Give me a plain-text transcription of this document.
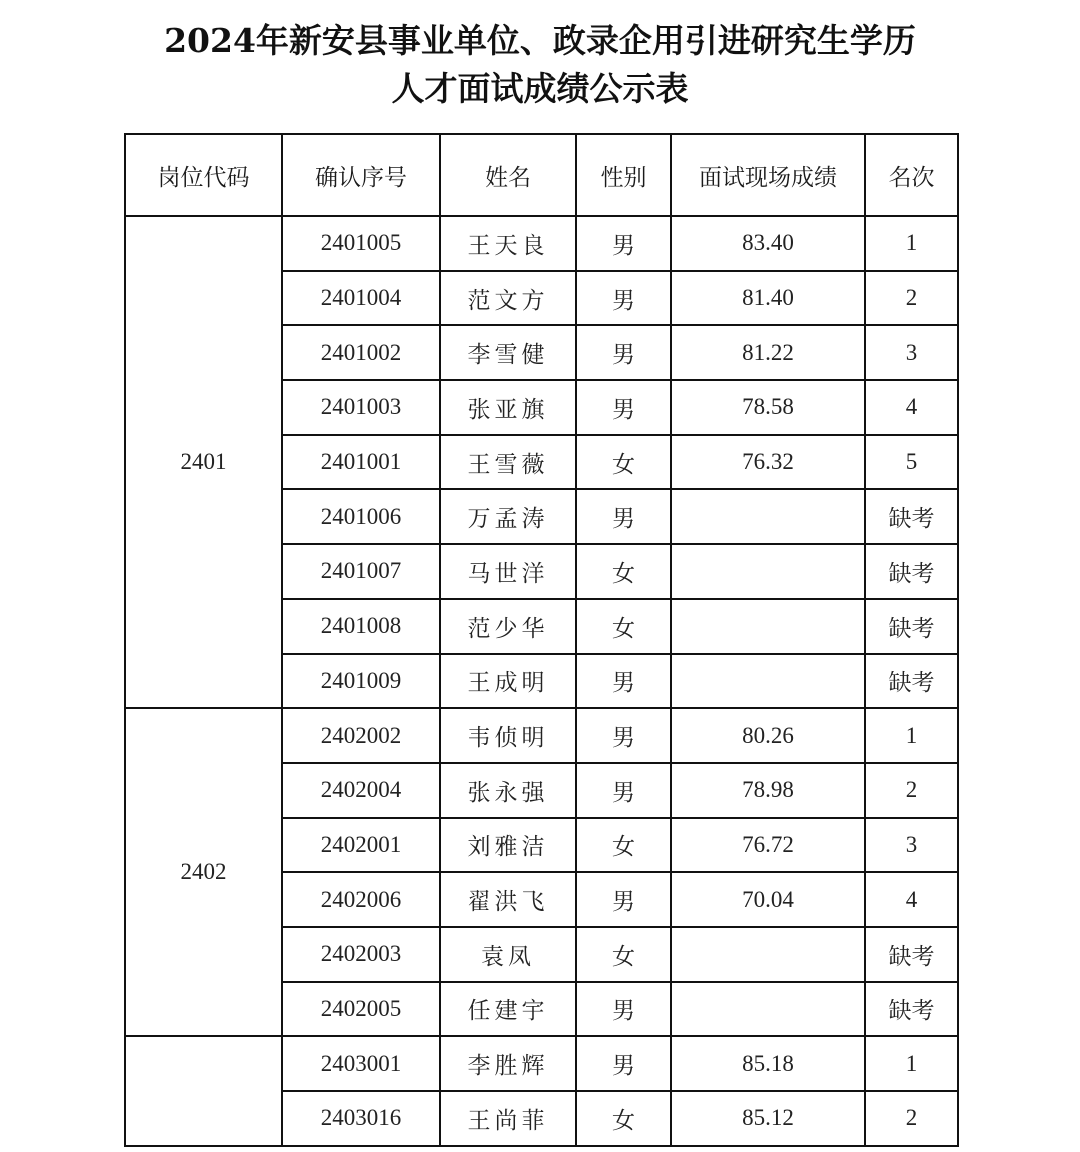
2024年新安县事业单位、政录企用引进研究生学历
人才面试成绩公示表
岗位代码	确认序号	姓名	性别	面试现场成绩	名次
2401	2401005	王天良	男	83.40	1
	2401004	范文方	男	81.40	2
	2401002	李雪健	男	81.22	3
	2401003	张亚旗	男	78.58	4
	2401001	王雪薇	女	76.32	5
	2401006	万孟涛	男		缺考
	2401007	马世洋	女		缺考
	2401008	范少华	女		缺考
	2401009	王成明	男		缺考
2402	2402002	韦侦明	男	80.26	1
	2402004	张永强	男	78.98	2
	2402001	刘雅洁	女	76.72	3
	2402006	翟洪飞	男	70.04	4
	2402003	袁凤	女		缺考
	2402005	任建宇	男		缺考
	2403001	李胜辉	男	85.18	1
	2403016	王尚菲	女	85.12	2
